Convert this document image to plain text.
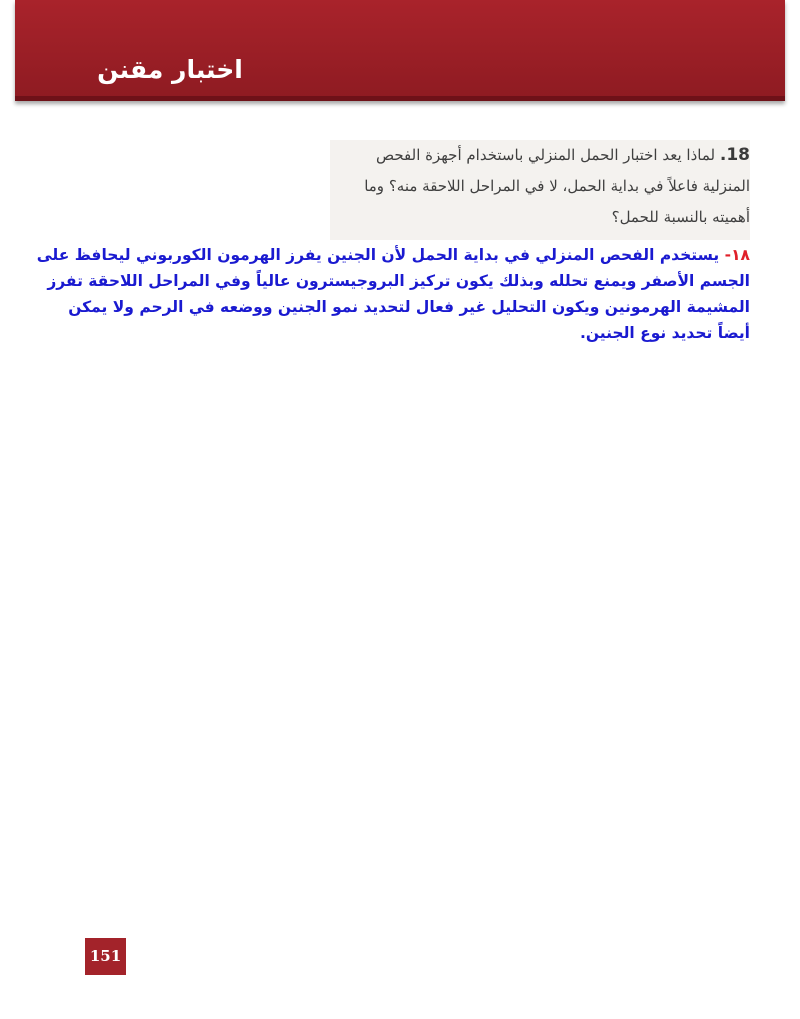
اختبار مقنن
18. لماذا يعد اختبار الحمل المنزلي باستخدام أجهزة الفحص المنزلية فاعلاً في بداية الحمل، لا في المراحل اللاحقة منه؟ وما أهميته بالنسبة للحمل؟
١٨- يستخدم الفحص المنزلي في بداية الحمل لأن الجنين يفرز الهرمون الكوربوني ليحافظ على الجسم الأصفر ويمنع تحلله وبذلك يكون تركيز البروجيسترون عالياً وفي المراحل اللاحقة تفرز المشيمة الهرمونين ويكون التحليل غير فعال لتحديد نمو الجنين ووضعه في الرحم ولا يمكن أيضاً تحديد نوع الجنين.
151
